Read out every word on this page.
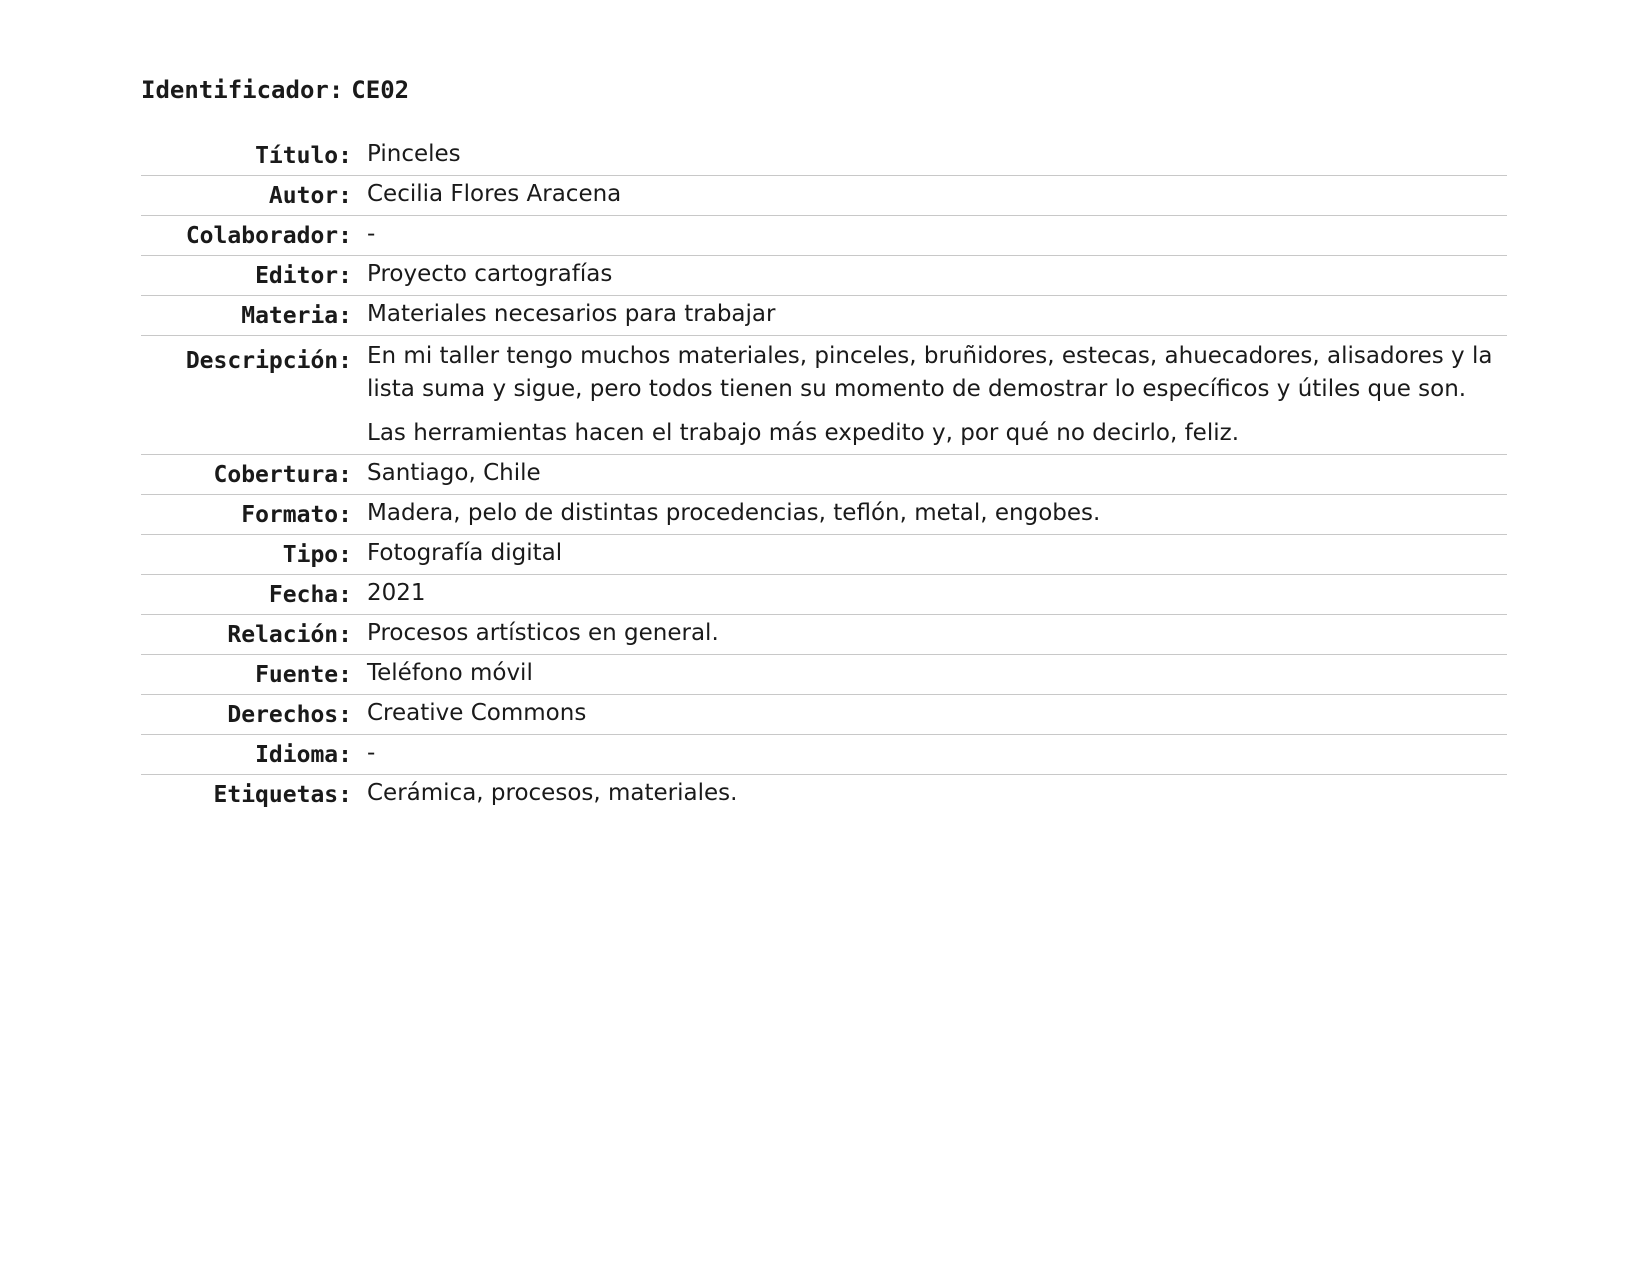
Identificador: CE02
Título: Pinceles
Autor: Cecilia Flores Aracena
Colaborador: -
Editor: Proyecto cartografías
Materia: Materiales necesarios para trabajar
Descripción: En mi taller tengo muchos materiales, pinceles, bruñidores, estecas, ahuecadores, alisadores y la lista suma y sigue, pero todos tienen su momento de demostrar lo específicos y útiles que son.
Las herramientas hacen el trabajo más expedito y, por qué no decirlo, feliz.
Cobertura: Santiago, Chile
Formato: Madera, pelo de distintas procedencias, teflón, metal, engobes.
Tipo: Fotografía digital
Fecha: 2021
Relación: Procesos artísticos en general.
Fuente: Teléfono móvil
Derechos: Creative Commons
Idioma: -
Etiquetas: Cerámica, procesos, materiales.
